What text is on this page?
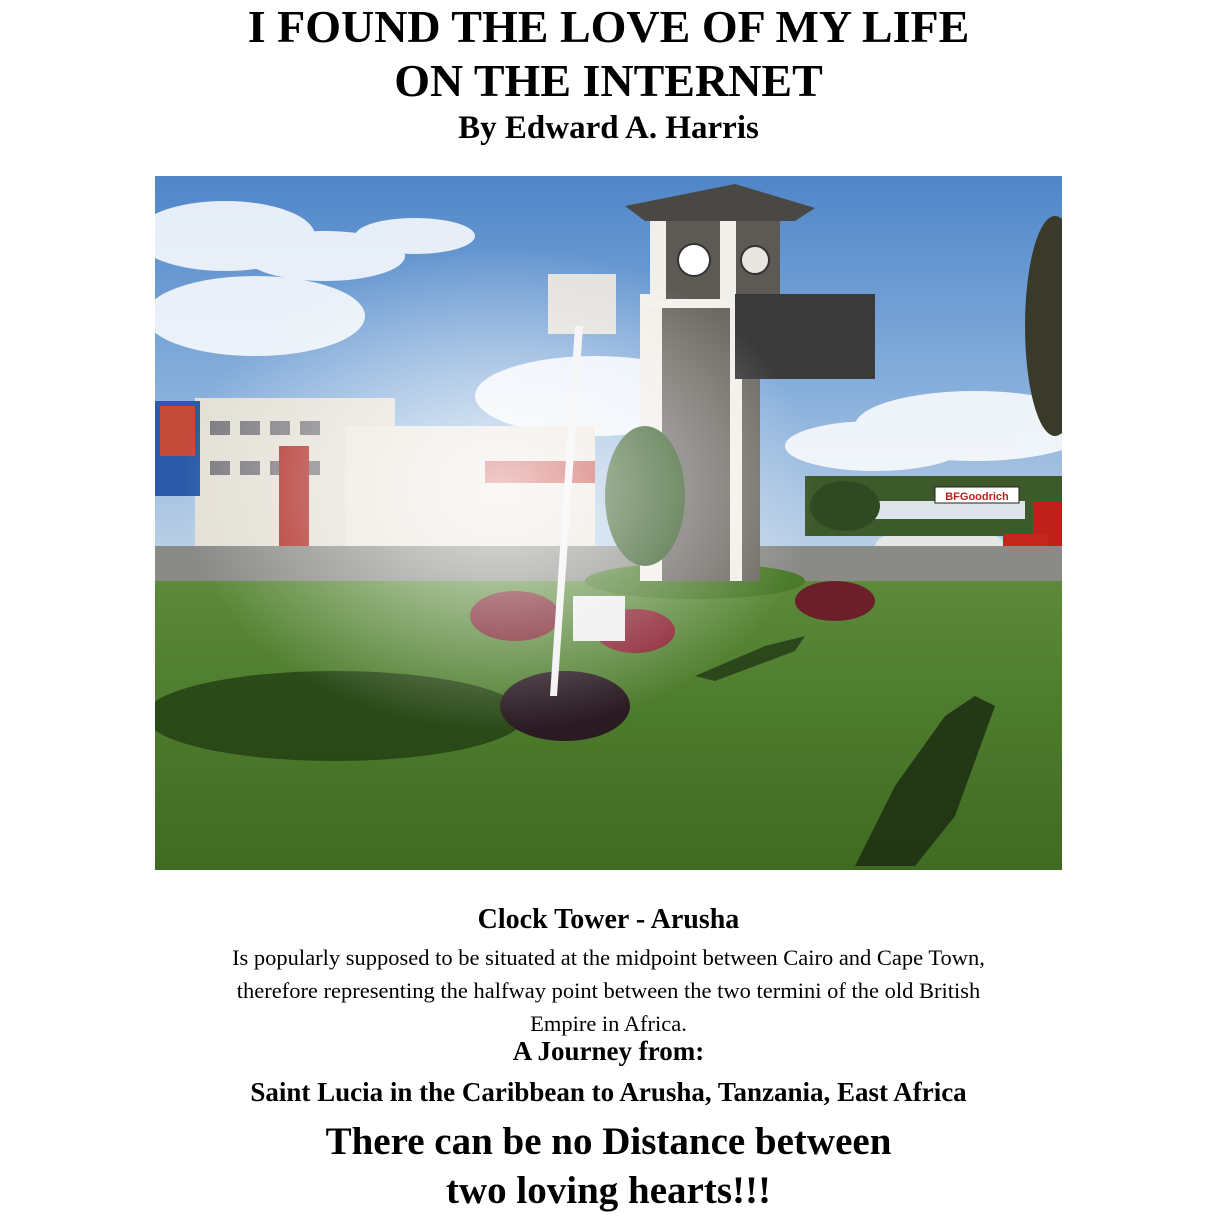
I FOUND THE LOVE OF MY LIFE
ON THE INTERNET
By Edward A. Harris

Clock Tower - Arusha

Is popularly supposed to be situated at the midpoint between Cairo and Cape Town, therefore representing the halfway point between the two termini of the old British Empire in Africa.

A Journey from:

Saint Lucia in the Caribbean to Arusha, Tanzania, East Africa

There can be no Distance between

two loving hearts!!!
